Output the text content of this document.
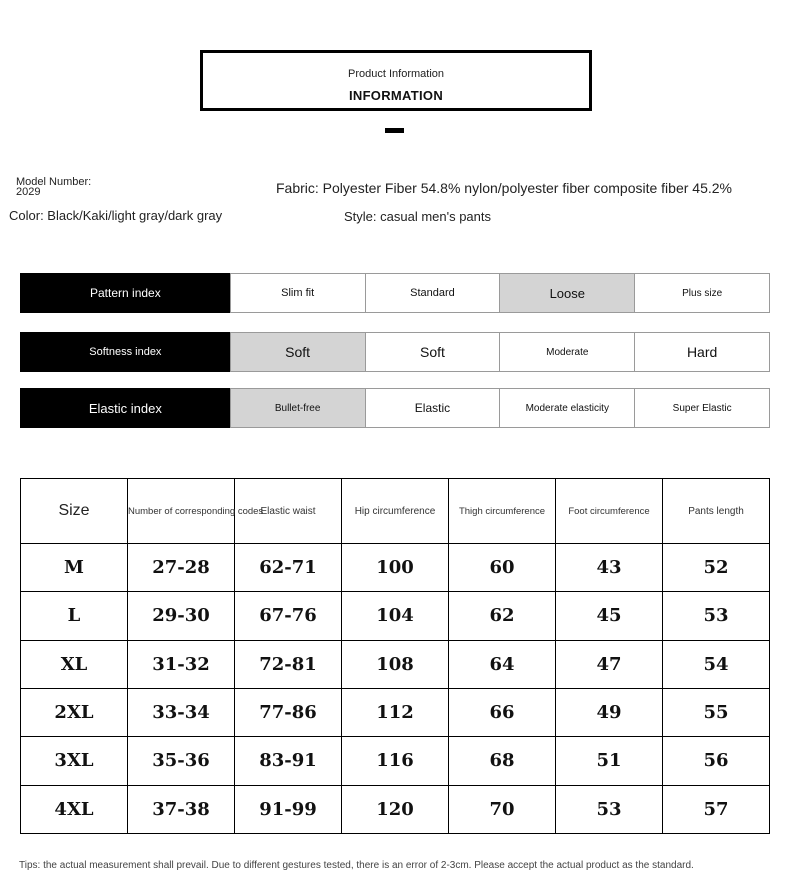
Product Information
INFORMATION
Model Number:
2029	Fabric: Polyester Fiber 54.8% nylon/polyester fiber composite fiber 45.2%
Color: Black/Kaki/light gray/dark gray	Style: casual men's pants
Pattern index	Slim fit	Standard	Loose	Plus size
Softness index	Soft	Soft	Moderate	Hard
Elastic index	Bullet-free	Elastic	Moderate elasticity	Super Elastic
Size	Number of corresponding codes	Elastic waist	Hip circumference	Thigh circumference	Foot circumference	Pants length
M	27-28	62-71	100	60	43	52
L	29-30	67-76	104	62	45	53
XL	31-32	72-81	108	64	47	54
2XL	33-34	77-86	112	66	49	55
3XL	35-36	83-91	116	68	51	56
4XL	37-38	91-99	120	70	53	57
Tips: the actual measurement shall prevail. Due to different gestures tested, there is an error of 2-3cm. Please accept the actual product as the standard.
